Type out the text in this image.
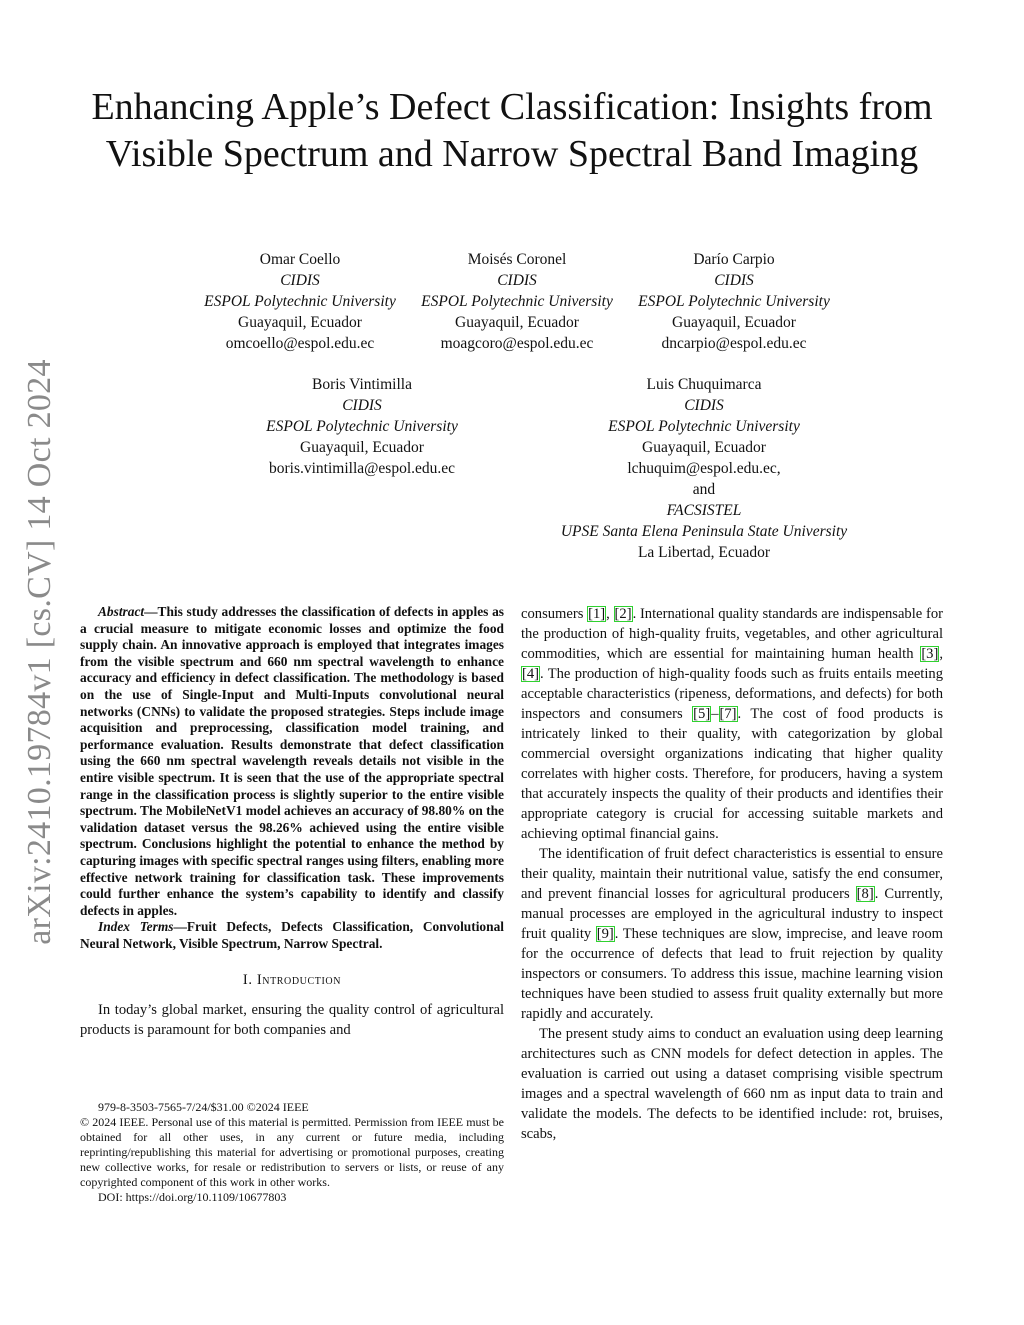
arXiv:2410.19784v1 [cs.CV] 14 Oct 2024
Enhancing Apple’s Defect Classification: Insights from Visible Spectrum and Narrow Spectral Band Imaging
Omar Coello
CIDIS
ESPOL Polytechnic University
Guayaquil, Ecuador
omcoello@espol.edu.ec
Moisés Coronel
CIDIS
ESPOL Polytechnic University
Guayaquil, Ecuador
moagcoro@espol.edu.ec
Darío Carpio
CIDIS
ESPOL Polytechnic University
Guayaquil, Ecuador
dncarpio@espol.edu.ec
Boris Vintimilla
CIDIS
ESPOL Polytechnic University
Guayaquil, Ecuador
boris.vintimilla@espol.edu.ec
Luis Chuquimarca
CIDIS
ESPOL Polytechnic University
Guayaquil, Ecuador
lchuquim@espol.edu.ec,
and
FACSISTEL
UPSE Santa Elena Peninsula State University
La Libertad, Ecuador

Abstract—This study addresses the classification of defects in apples as a crucial measure to mitigate economic losses and optimize the food supply chain. An innovative approach is employed that integrates images from the visible spectrum and 660 nm spectral wavelength to enhance accuracy and efficiency in defect classification. The methodology is based on the use of Single-Input and Multi-Inputs convolutional neural networks (CNNs) to validate the proposed strategies. Steps include image acquisition and preprocessing, classification model training, and performance evaluation. Results demonstrate that defect classification using the 660 nm spectral wavelength reveals details not visible in the entire visible spectrum. It is seen that the use of the appropriate spectral range in the classification process is slightly superior to the entire visible spectrum. The MobileNetV1 model achieves an accuracy of 98.80% on the validation dataset versus the 98.26% achieved using the entire visible spectrum. Conclusions highlight the potential to enhance the method by capturing images with specific spectral ranges using filters, enabling more effective network training for classification task. These improvements could further enhance the system’s capability to identify and classify defects in apples.

Index Terms—Fruit Defects, Defects Classification, Convolutional Neural Network, Visible Spectrum, Narrow Spectral.

I. Introduction

In today’s global market, ensuring the quality control of agricultural products is paramount for both companies and

979-8-3503-7565-7/24/$31.00 ©2024 IEEE

© 2024 IEEE. Personal use of this material is permitted. Permission from IEEE must be obtained for all other uses, in any current or future media, including reprinting/republishing this material for advertising or promotional purposes, creating new collective works, for resale or redistribution to servers or lists, or reuse of any copyrighted component of this work in other works.

DOI: https://doi.org/10.1109/10677803

consumers [1], [2]. International quality standards are indispensable for the production of high-quality fruits, vegetables, and other agricultural commodities, which are essential for maintaining human health [3], [4]. The production of high-quality foods such as fruits entails meeting acceptable characteristics (ripeness, deformations, and defects) for both inspectors and consumers [5]–[7]. The cost of food products is intricately linked to their quality, with categorization by global commercial oversight organizations indicating that higher quality correlates with higher costs. Therefore, for producers, having a system that accurately inspects the quality of their products and identifies their appropriate category is crucial for accessing suitable markets and achieving optimal financial gains.

The identification of fruit defect characteristics is essential to ensure their quality, maintain their nutritional value, satisfy the end consumer, and prevent financial losses for agricultural producers [8]. Currently, manual processes are employed in the agricultural industry to inspect fruit quality [9]. These techniques are slow, imprecise, and leave room for the occurrence of defects that lead to fruit rejection by quality inspectors or consumers. To address this issue, machine learning vision techniques have been studied to assess fruit quality externally but more rapidly and accurately.

The present study aims to conduct an evaluation using deep learning architectures such as CNN models for defect detection in apples. The evaluation is carried out using a dataset comprising visible spectrum images and a spectral wavelength of 660 nm as input data to train and validate the models. The defects to be identified include: rot, bruises, scabs,
